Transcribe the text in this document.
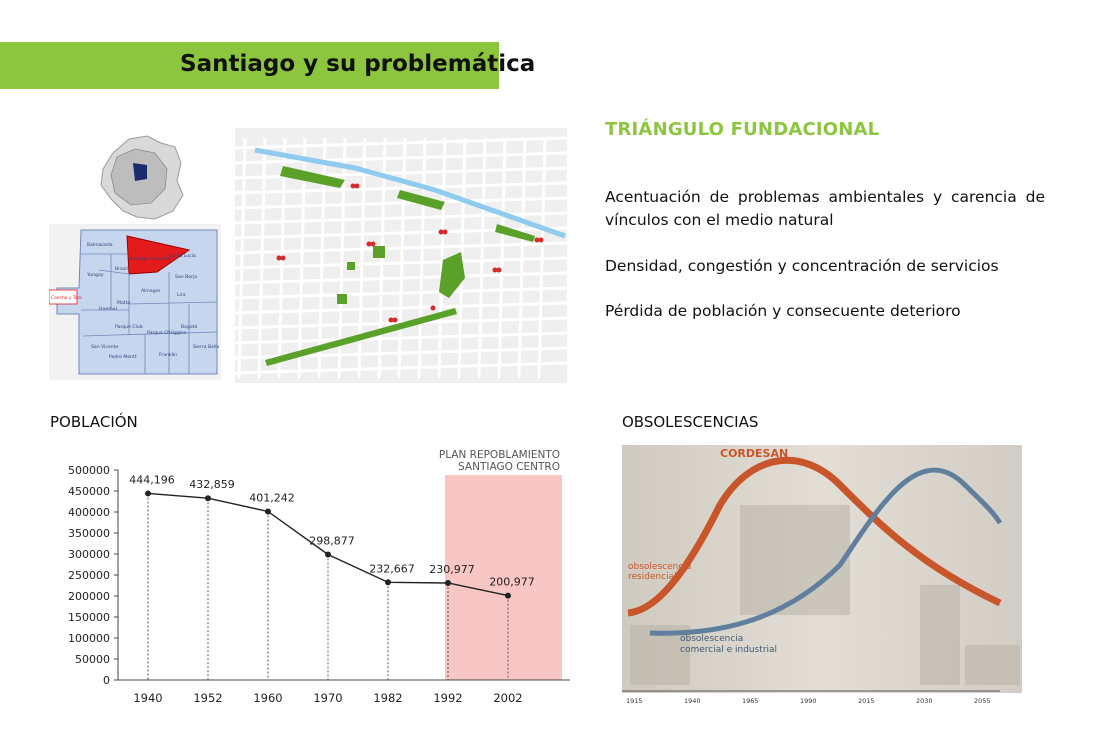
Santiago y su problemática
Balmaceda
Santiago Poniente
Santa Lucía
Brasil
Yungay	San Borja
Almagro
Lira
Parque Club
Parque O'Higgins
San Vicente
Pedro Montt	Franklin
Sierra Bella
Bogotá
Huemul
Matta
Concha y Toro
TRIÁNGULO FUNDACIONAL
Acentuación de problemas ambientales y carencia de vínculos con el medio natural
Densidad, congestión y concentración de servicios
Pérdida de población y consecuente deterioro
POBLACIÓN	OBSOLESCENCIAS
PLAN REPOBLAMIENTO
SANTIAGO CENTRO
0
50000
100000
150000
200000
250000
300000
350000
400000
450000
500000
1940	1952	1960	1970	1982	1992	2002
444,196 432,859
401,242
298,877
232,667 230,977
200,977
CORDESAN
obsolescencia
residencial
obsolescencia
comercial e industrial
1915	1940	1965	1990	2015	2030	2055
